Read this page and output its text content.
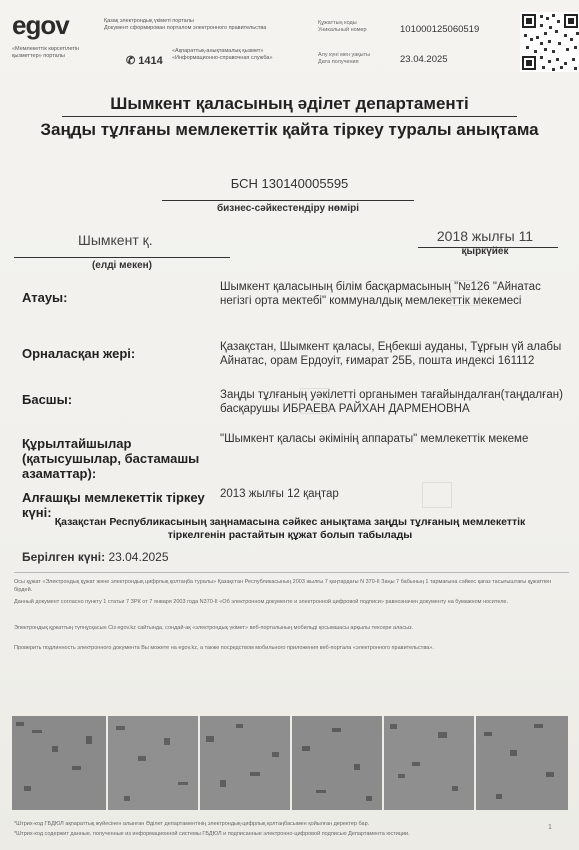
egov
«Мемлекеттік көрсетілетін қызметтер» порталы
Қазақ электрондық үкіметі порталы
Документ сформирован порталом электронного правительства
✆ 1414
«Ақпараттық-анықтамалық қызмет»
«Информационно-справочная служба»
Құжаттың коды
Уникальный номер	101000125060519
Алу күні мен уақыты
Дата получения	23.04.2025
Шымкент қаласының әділет департаменті
Заңды тұлғаны мемлекеттік қайта тіркеу туралы анықтама
БСН 130140005595
бизнес-сәйкестендіру нөмірі
Шымкент қ.
(елді мекен)
2018 жылғы 11
қыркүйек
Атауы:
Шымкент қаласының білім басқармасының "№126 "Айнатас негізгі орта мектебі" коммуналдық мемлекеттік мекемесі
Орналасқан жері:	Қазақстан, Шымкент қаласы, Еңбекші ауданы, Тұрғын үй алабы Айнатас, орам Ердоуіт, ғимарат 25Б, пошта индексі 161112
Басшы:	Заңды тұлғаның уәкілетті органымен тағайындалған(таңдалған) басқарушы ИБРАЕВА РАЙХАН ДАРМЕНОВНА
Құрылтайшылар (қатысушылар, бастамашы азаматтар):
"Шымкент қаласы әкімінің аппараты" мемлекеттік мекеме
Алғашқы мемлекеттік тіркеу күні:
2013 жылғы 12 қаңтар
Қазақстан Республикасының заңнамасына сәйкес анықтама заңды тұлғаның мемлекеттік тіркелгенін растайтын құжат болып табылады
Берілген күні: 23.04.2025
Осы құжат «Электрондық құжат және электрондық цифрлық қолтаңба туралы» Қазақстан Республикасының 2003 жылғы 7 қаңтардағы N 370-II Заңы 7 бабының 1 тармағына сәйкес қағаз тасығыштағы құжатпен бірдей.
Данный документ согласно пункту 1 статьи 7 ЗРК от 7 января 2003 года N370-II «Об электронном документе и электронной цифровой подписи» равнозначен документу на бумажном носителе.
Электрондық құжаттың түпнұсқасын Сіз egov.kz сайтында, сондай-ақ «электрондық үкімет» веб-порталының мобильді қосымшасы арқылы тексере аласыз.
Проверить подлинность электронного документа Вы можете на egov.kz, а также посредством мобильного приложения веб-портала «электронного правительства».
*Штрих-код ГБДЮЛ ақпараттық жүйесінен алынған Әділет департаментінің электрондық-цифрлық қолтаңбасымен қойылған деректер бар.
*Штрих-код содержит данные, полученные из информационной системы ГБДЮЛ и подписанные электронно-цифровой подписью Департамента юстиции.
1
